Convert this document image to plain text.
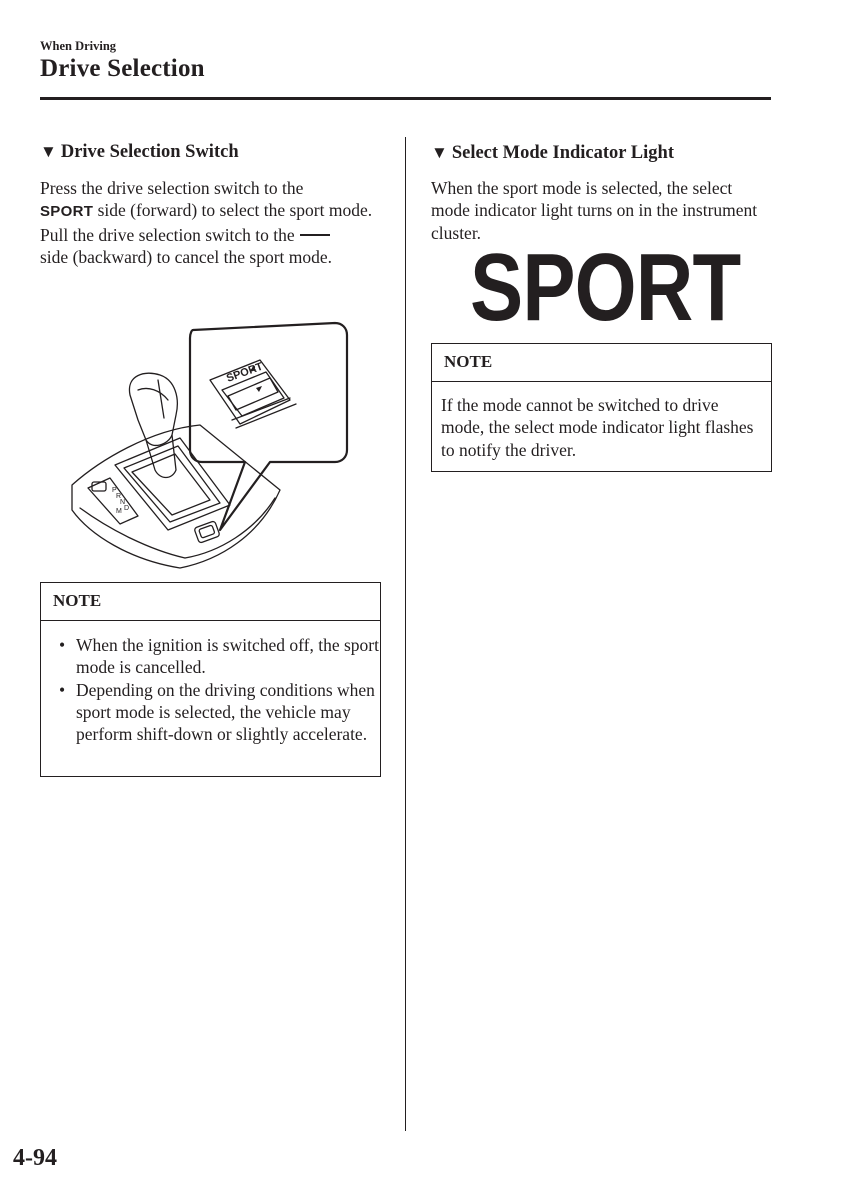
When Driving
Drive Selection
▼ Drive Selection Switch

Press the drive selection switch to the
SPORT side (forward) to select the sport mode.

Pull the drive selection switch to the
side (backward) to cancel the sport mode.

SPORT
P
R
N
D
M
NOTE
• When the ignition is switched off, the sport mode is cancelled.
• Depending on the driving conditions when sport mode is selected, the vehicle may perform shift-down or slightly accelerate.
▼ Select Mode Indicator Light
When the sport mode is selected, the select mode indicator light turns on in the instrument cluster.
SPORT
NOTE
If the mode cannot be switched to drive mode, the select mode indicator light flashes to notify the driver.
4-94
